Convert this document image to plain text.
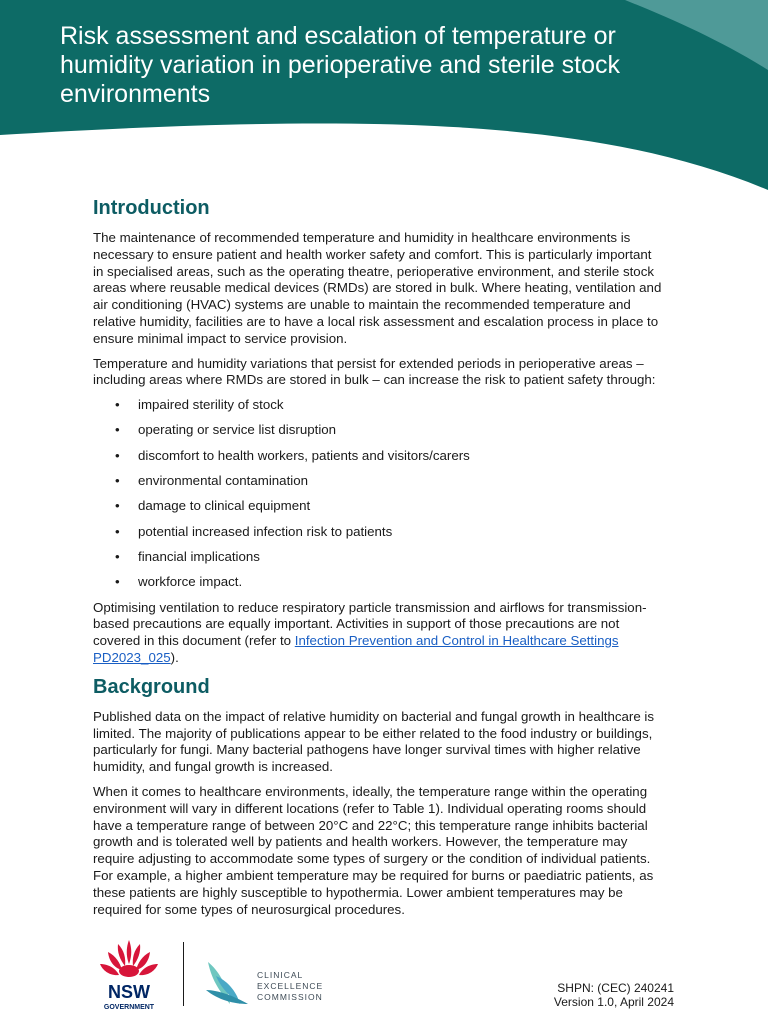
Risk assessment and escalation of temperature or humidity variation in perioperative and sterile stock environments
Introduction

The maintenance of recommended temperature and humidity in healthcare environments is necessary to ensure patient and health worker safety and comfort. This is particularly important in specialised areas, such as the operating theatre, perioperative environment, and sterile stock areas where reusable medical devices (RMDs) are stored in bulk. Where heating, ventilation and air conditioning (HVAC) systems are unable to maintain the recommended temperature and relative humidity, facilities are to have a local risk assessment and escalation process in place to ensure minimal impact to service provision.

Temperature and humidity variations that persist for extended periods in perioperative areas – including areas where RMDs are stored in bulk – can increase the risk to patient safety through:

• impaired sterility of stock
• operating or service list disruption
• discomfort to health workers, patients and visitors/carers
• environmental contamination
• damage to clinical equipment
• potential increased infection risk to patients
• financial implications
• workforce impact.

Optimising ventilation to reduce respiratory particle transmission and airflows for transmission-based precautions are equally important. Activities in support of those precautions are not covered in this document (refer to Infection Prevention and Control in Healthcare Settings PD2023_025).

Background

Published data on the impact of relative humidity on bacterial and fungal growth in healthcare is limited. The majority of publications appear to be either related to the food industry or buildings, particularly for fungi. Many bacterial pathogens have longer survival times with higher relative humidity, and fungal growth is increased.

When it comes to healthcare environments, ideally, the temperature range within the operating environment will vary in different locations (refer to Table 1). Individual operating rooms should have a temperature range of between 20°C and 22°C; this temperature range inhibits bacterial growth and is tolerated well by patients and health workers. However, the temperature may require adjusting to accommodate some types of surgery or the condition of individual patients. For example, a higher ambient temperature may be required for burns or paediatric patients, as these patients are highly susceptible to hypothermia. Lower ambient temperatures may be required for some types of neurosurgical procedures.

NSW
GOVERNMENT
CLINICAL
EXCELLENCE
COMMISSION
SHPN: (CEC) 240241
Version 1.0, April 2024
